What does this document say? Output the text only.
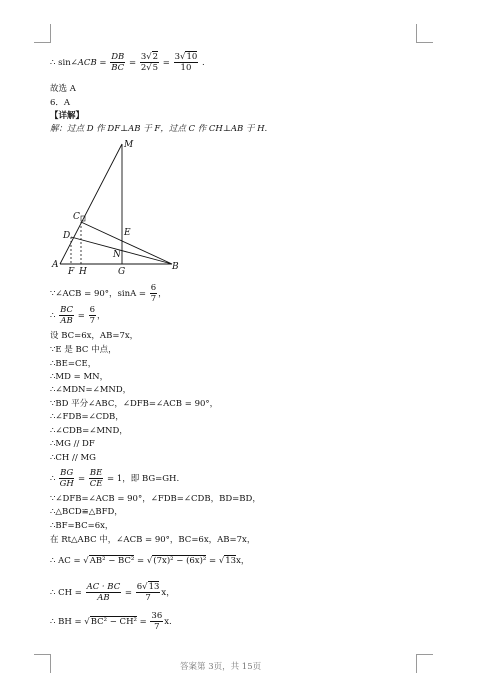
∴ sin∠ACB = $\frac{DB}{BC} = \frac{3√2}{2√5} = \frac{3√10}{10}$ .
故选 A
6．A
【详解】
解：过点 D 作 DF⊥AB 于 F，过点 C 作 CH⊥AB 于 H.
M
C
D	E
N
A
F H	G	B
∵∠ACB = 90°，$\sin A = \frac{6}{7}$ ，
∴ $\frac{BC}{AB} = \frac{6}{7}$ ，
设 BC=6x，AB=7x，
∵E 是 BC 中点，
∴BE=CE，
∴MD = MN，
∴∠MDN=∠MND，
∵BD 平分∠ABC，∠DFB=∠ACB = 90°，
∴∠FDB=∠CDB，
∴∠CDB=∠MND，
∴MG // DF
∴CH // MG
∴ $\frac{BG}{GH} = \frac{BE}{CE} = 1$，即 BG=GH.
∵∠DFB=∠ACB = 90°，∠FDB=∠CDB，BD=BD，
∴△BCD≌△BFD，
∴BF=BC=6x，
在 Rt△ABC 中，∠ACB = 90°，BC=6x，AB=7x，
∴ AC = √AB² − BC² = √(7x)² − (6x)² = √13x，
∴ CH = $\frac{AC \cdot BC}{AB} = \frac{6√13}{7}$ x，
∴ BH = $√BC^2 - CH^2 = \frac{36}{7} x$.
答案第 3页，共 15页
